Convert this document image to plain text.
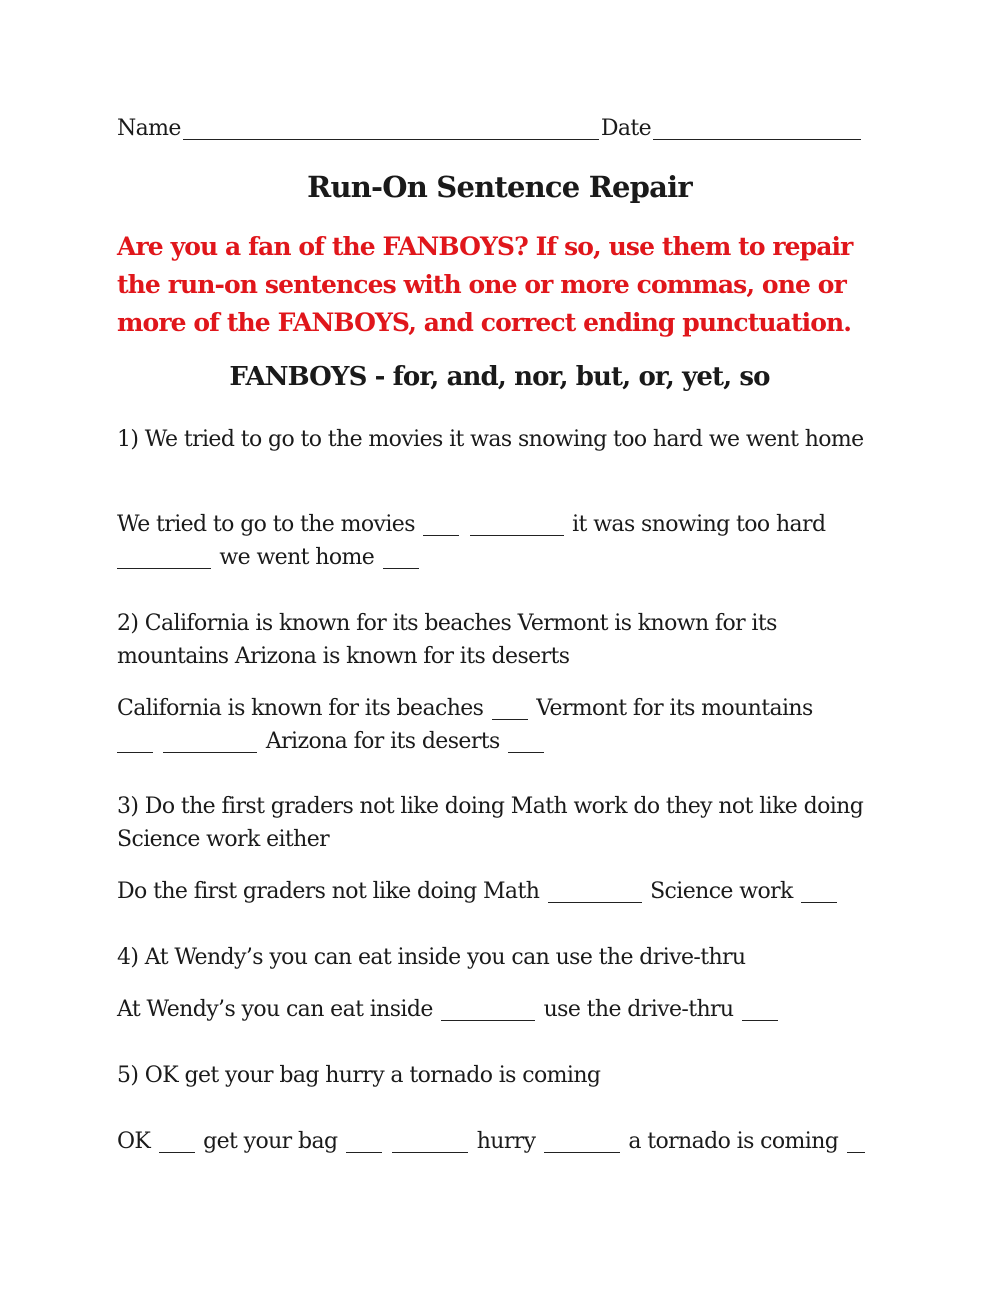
Name	Date
Run-On Sentence Repair
Are you a fan of the FANBOYS? If so, use them to repair the run-on sentences with one or more commas, one or more of the FANBOYS, and correct ending punctuation.
FANBOYS - for, and, nor, but, or, yet, so
1) We tried to go to the movies it was snowing too hard we went home
We tried to go to the movies	it was snowing too hard
we went home
2) California is known for its beaches Vermont is known for its mountains Arizona is known for its deserts
California is known for its beaches Vermont for its mountains
Arizona for its deserts
3) Do the first graders not like doing Math work do they not like doing Science work either
Do the first graders not like doing Math	Science work
4) At Wendy’s you can eat inside you can use the drive-thru
At Wendy’s you can eat inside	use the drive-thru
5) OK get your bag hurry a tornado is coming
OK get your bag	hurry	a tornado is coming
